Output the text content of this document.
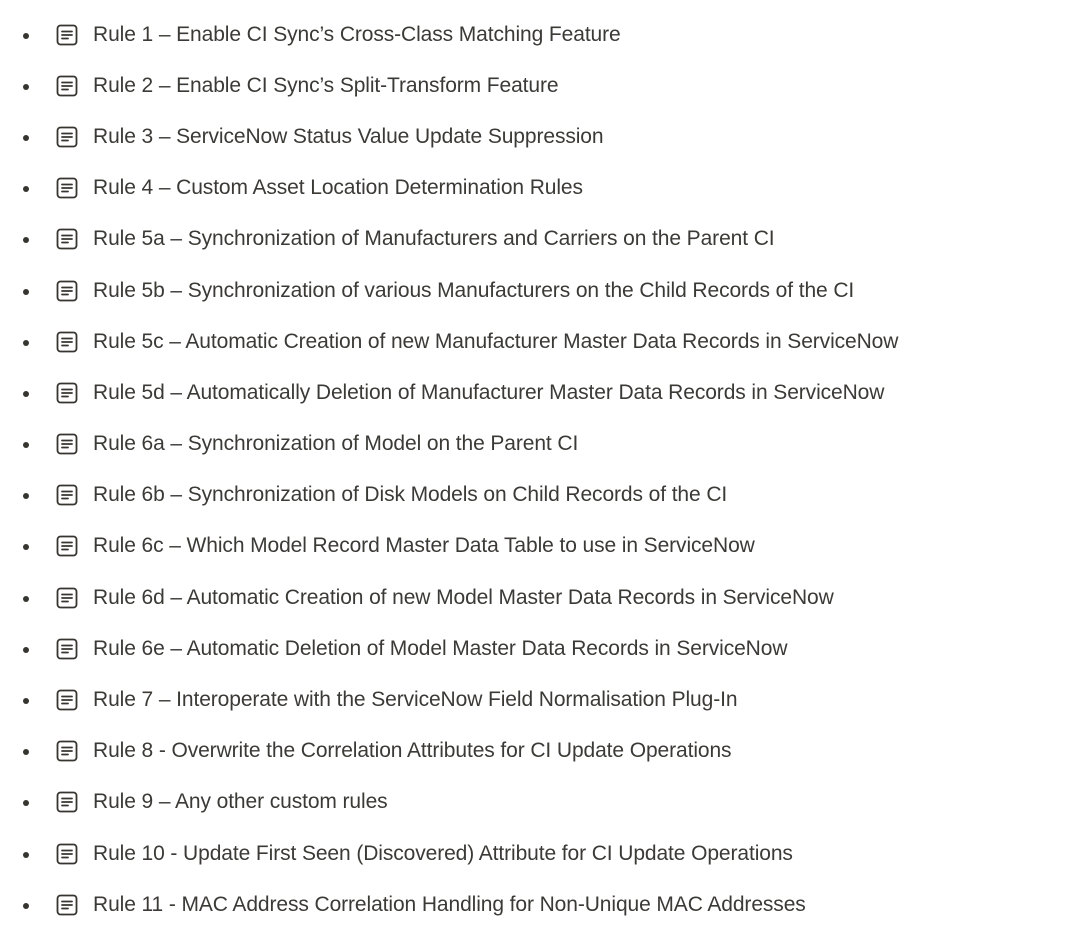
Rule 1 – Enable CI Sync’s Cross-Class Matching Feature
Rule 2 – Enable CI Sync’s Split-Transform Feature
Rule 3 – ServiceNow Status Value Update Suppression
Rule 4 – Custom Asset Location Determination Rules
Rule 5a – Synchronization of Manufacturers and Carriers on the Parent CI
Rule 5b – Synchronization of various Manufacturers on the Child Records of the CI
Rule 5c – Automatic Creation of new Manufacturer Master Data Records in ServiceNow
Rule 5d – Automatically Deletion of Manufacturer Master Data Records in ServiceNow
Rule 6a – Synchronization of Model on the Parent CI
Rule 6b – Synchronization of Disk Models on Child Records of the CI
Rule 6c – Which Model Record Master Data Table to use in ServiceNow
Rule 6d – Automatic Creation of new Model Master Data Records in ServiceNow
Rule 6e – Automatic Deletion of Model Master Data Records in ServiceNow
Rule 7 – Interoperate with the ServiceNow Field Normalisation Plug-In
Rule 8 - Overwrite the Correlation Attributes for CI Update Operations
Rule 9 – Any other custom rules
Rule 10 - Update First Seen (Discovered) Attribute for CI Update Operations
Rule 11 - MAC Address Correlation Handling for Non-Unique MAC Addresses
